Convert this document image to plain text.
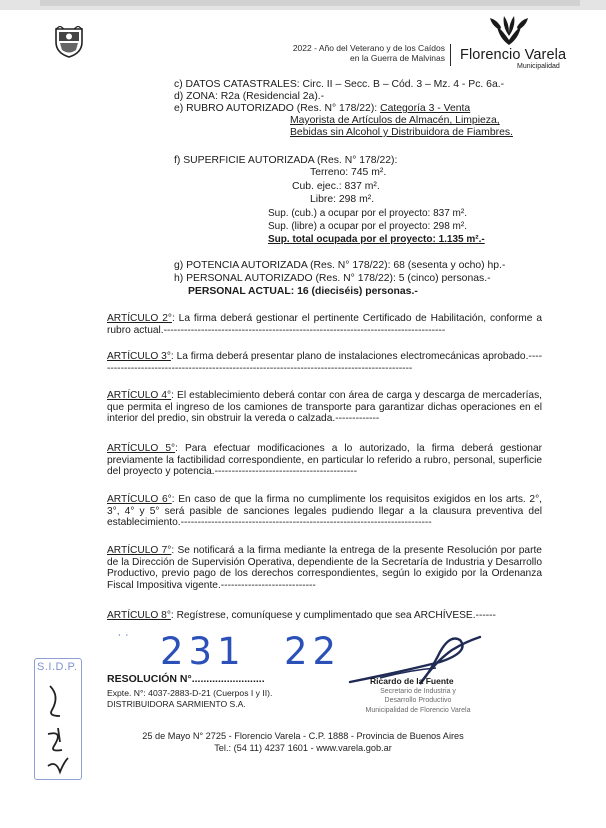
2022 - Año del Veterano y de los Caídos
en la Guerra de Malvinas Florencio Varela
Municipalidad
c) DATOS CATASTRALES: Circ. II – Secc. B – Cód. 3 – Mz. 4 - Pc. 6a.-
d) ZONA: R2a (Residencial 2a).-
e) RUBRO AUTORIZADO (Res. N° 178/22): Categoría 3 - Venta
Mayorista de Artículos de Almacén, Limpieza,
Bebidas sin Alcohol y Distribuidora de Fiambres.
f) SUPERFICIE AUTORIZADA (Res. N° 178/22):
Terreno: 745 m².
Cub. ejec.: 837 m².
Libre: 298 m².
Sup. (cub.) a ocupar por el proyecto: 837 m².
Sup. (libre) a ocupar por el proyecto: 298 m².
Sup. total ocupada por el proyecto: 1.135 m².-
g) POTENCIA AUTORIZADA (Res. N° 178/22): 68 (sesenta y ocho) hp.-
h) PERSONAL AUTORIZADO (Res. N° 178/22): 5 (cinco) personas.-
PERSONAL ACTUAL: 16 (dieciséis) personas.-
ARTÍCULO 2°: La firma deberá gestionar el pertinente Certificado de Habilitación, conforme a rubro actual.-----------------------------------------------------------------------------------
ARTÍCULO 3°: La firma deberá presentar plano de instalaciones electromecánicas aprobado.----------------------------------------------------------------------------------------------
ARTÍCULO 4°: El establecimiento deberá contar con área de carga y descarga de mercaderías, que permita el ingreso de los camiones de transporte para garantizar dichas operaciones en el interior del predio, sin obstruir la vereda o calzada.-------------
ARTÍCULO 5°: Para efectuar modificaciones a lo autorizado, la firma deberá gestionar previamente la factibilidad correspondiente, en particular lo referido a rubro, personal, superficie del proyecto y potencia.------------------------------------------
ARTÍCULO 6°: En caso de que la firma no cumplimente los requisitos exigidos en los arts. 2°, 3°, 4° y 5° será pasible de sanciones legales pudiendo llegar a la clausura preventiva del establecimiento.--------------------------------------------------------------------------
ARTÍCULO 7°: Se notificará a la firma mediante la entrega de la presente Resolución por parte de la Dirección de Supervisión Operativa, dependiente de la Secretaría de Industria y Desarrollo Productivo, previo pago de los derechos correspondientes, según lo exigido por la Ordenanza Fiscal Impositiva vigente.----------------------------
ARTÍCULO 8°: Regístrese, comuníquese y cumplimentado que sea ARCHÍVESE.------
˙ ˙ 231 22
RESOLUCIÓN N°.........................
Expte. N°: 4037-2883-D-21 (Cuerpos I y II).
DISTRIBUIDORA SARMIENTO S.A.
Ricardo de la Fuente
Secretario de Industria y
Desarrollo Productivo
Municipalidad de Florencio Varela
S.I.D.P.
25 de Mayo N° 2725 - Florencio Varela - C.P. 1888 - Provincia de Buenos Aires
Tel.: (54 11) 4237 1601 - www.varela.gob.ar
